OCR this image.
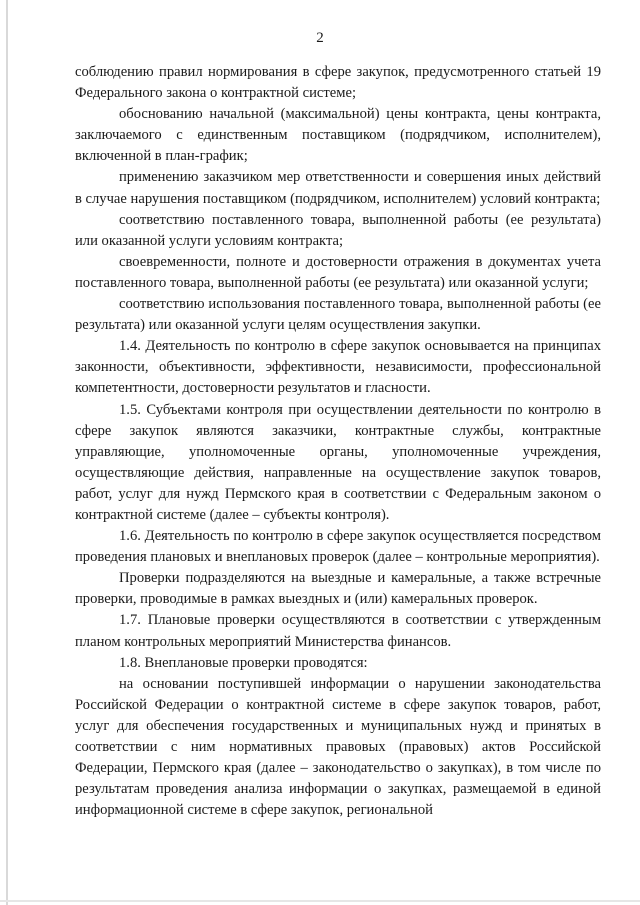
2

соблюдению правил нормирования в сфере закупок, предусмотренного статьей 19 Федерального закона о контрактной системе;

обоснованию начальной (максимальной) цены контракта, цены контракта, заключаемого с единственным поставщиком (подрядчиком, исполнителем), включенной в план-график;

применению заказчиком мер ответственности и совершения иных действий в случае нарушения поставщиком (подрядчиком, исполнителем) условий контракта;

соответствию поставленного товара, выполненной работы (ее результата) или оказанной услуги условиям контракта;

своевременности, полноте и достоверности отражения в документах учета поставленного товара, выполненной работы (ее результата) или оказанной услуги;

соответствию использования поставленного товара, выполненной работы (ее результата) или оказанной услуги целям осуществления закупки.

1.4. Деятельность по контролю в сфере закупок основывается на принципах законности, объективности, эффективности, независимости, профессиональной компетентности, достоверности результатов и гласности.

1.5. Субъектами контроля при осуществлении деятельности по контролю в сфере закупок являются заказчики, контрактные службы, контрактные управляющие, уполномоченные органы, уполномоченные учреждения, осуществляющие действия, направленные на осуществление закупок товаров, работ, услуг для нужд Пермского края в соответствии с Федеральным законом о контрактной системе (далее – субъекты контроля).

1.6. Деятельность по контролю в сфере закупок осуществляется посредством проведения плановых и внеплановых проверок (далее – контрольные мероприятия).

Проверки подразделяются на выездные и камеральные, а также встречные проверки, проводимые в рамках выездных и (или) камеральных проверок.

1.7. Плановые проверки осуществляются в соответствии с утвержденным планом контрольных мероприятий Министерства финансов.

1.8. Внеплановые проверки проводятся:

на основании поступившей информации о нарушении законодательства Российской Федерации о контрактной системе в сфере закупок товаров, работ, услуг для обеспечения государственных и муниципальных нужд и принятых в соответствии с ним нормативных правовых (правовых) актов Российской Федерации, Пермского края (далее – законодательство о закупках), в том числе по результатам проведения анализа информации о закупках, размещаемой в единой информационной системе в сфере закупок, региональной
